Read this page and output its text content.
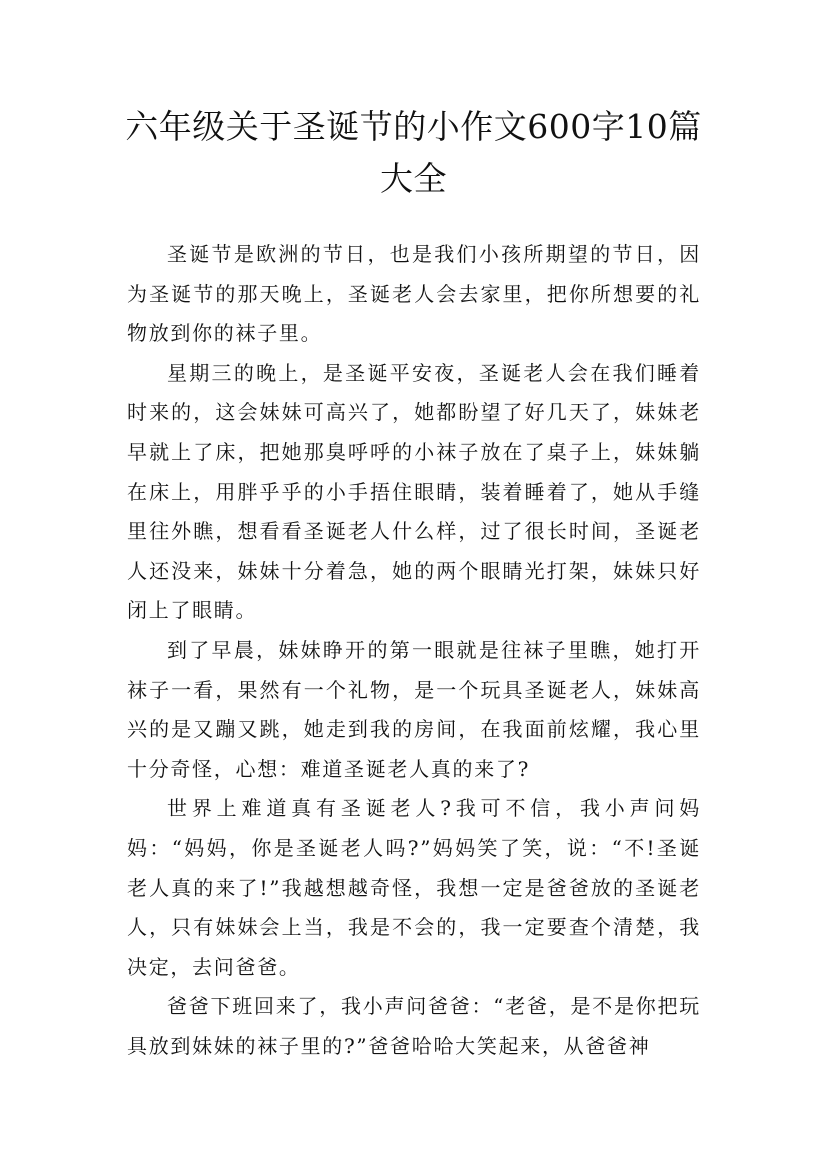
六年级关于圣诞节的小作文600字10篇大全

圣诞节是欧洲的节日，也是我们小孩所期望的节日，因为圣诞节的那天晚上，圣诞老人会去家里，把你所想要的礼物放到你的袜子里。

星期三的晚上，是圣诞平安夜，圣诞老人会在我们睡着时来的，这会妹妹可高兴了，她都盼望了好几天了，妹妹老早就上了床，把她那臭呼呼的小袜子放在了桌子上，妹妹躺在床上，用胖乎乎的小手捂住眼睛，装着睡着了，她从手缝里往外瞧，想看看圣诞老人什么样，过了很长时间，圣诞老人还没来，妹妹十分着急，她的两个眼睛光打架，妹妹只好闭上了眼睛。

到了早晨，妹妹睁开的第一眼就是往袜子里瞧，她打开袜子一看，果然有一个礼物，是一个玩具圣诞老人，妹妹高兴的是又蹦又跳，她走到我的房间，在我面前炫耀，我心里十分奇怪，心想：难道圣诞老人真的来了?

世界上难道真有圣诞老人?我可不信，我小声问妈妈：“妈妈，你是圣诞老人吗?”妈妈笑了笑，说：“不!圣诞老人真的来了!”我越想越奇怪，我想一定是爸爸放的圣诞老人，只有妹妹会上当，我是不会的，我一定要查个清楚，我决定，去问爸爸。

爸爸下班回来了，我小声问爸爸：“老爸，是不是你把玩具放到妹妹的袜子里的?”爸爸哈哈大笑起来，从爸爸神
